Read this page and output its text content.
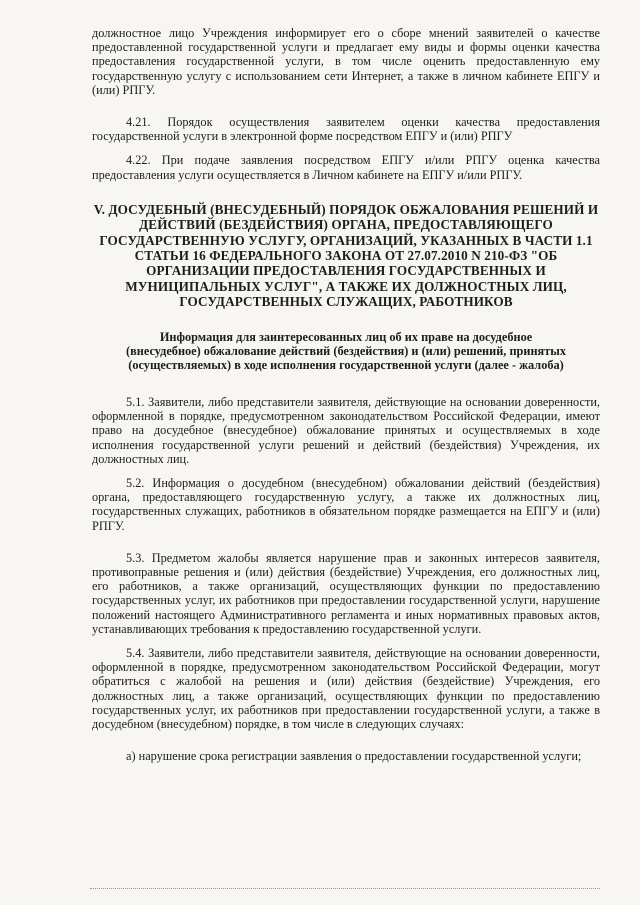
должностное лицо Учреждения информирует его о сборе мнений заявителей о качестве предоставленной государственной услуги и предлагает ему виды и формы оценки качества предоставления государственной услуги, в том числе оценить предоставленную ему государственную услугу с использованием сети Интернет, а также в личном кабинете ЕПГУ и (или) РПГУ.

4.21. Порядок осуществления заявителем оценки качества предоставления государственной услуги в электронной форме посредством ЕПГУ и (или) РПГУ

4.22. При подаче заявления посредством ЕПГУ и/или РПГУ оценка качества предоставления услуги осуществляется в Личном кабинете на ЕПГУ и/или РПГУ.

V. ДОСУДЕБНЫЙ (ВНЕСУДЕБНЫЙ) ПОРЯДОК ОБЖАЛОВАНИЯ РЕШЕНИЙ И ДЕЙСТВИЙ (БЕЗДЕЙСТВИЯ) ОРГАНА, ПРЕДОСТАВЛЯЮЩЕГО ГОСУДАРСТВЕННУЮ УСЛУГУ, ОРГАНИЗАЦИЙ, УКАЗАННЫХ В ЧАСТИ 1.1 СТАТЬИ 16 ФЕДЕРАЛЬНОГО ЗАКОНА ОТ 27.07.2010 N 210-ФЗ "ОБ ОРГАНИЗАЦИИ ПРЕДОСТАВЛЕНИЯ ГОСУДАРСТВЕННЫХ И МУНИЦИПАЛЬНЫХ УСЛУГ", А ТАКЖЕ ИХ ДОЛЖНОСТНЫХ ЛИЦ, ГОСУДАРСТВЕННЫХ СЛУЖАЩИХ, РАБОТНИКОВ
Информация для заинтересованных лиц об их праве на досудебное (внесудебное) обжалование действий (бездействия) и (или) решений, принятых (осуществляемых) в ходе исполнения государственной услуги (далее - жалоба)

5.1. Заявители, либо представители заявителя, действующие на основании доверенности, оформленной в порядке, предусмотренном законодательством Российской Федерации, имеют право на досудебное (внесудебное) обжалование принятых и осуществляемых в ходе исполнения государственной услуги решений и действий (бездействия) Учреждения, их должностных лиц.

5.2. Информация о досудебном (внесудебном) обжаловании действий (бездействия) органа, предоставляющего государственную услугу, а также их должностных лиц, государственных служащих, работников в обязательном порядке размещается на ЕПГУ и (или) РПГУ.

5.3. Предметом жалобы является нарушение прав и законных интересов заявителя, противоправные решения и (или) действия (бездействие) Учреждения, его должностных лиц, его работников, а также организаций, осуществляющих функции по предоставлению государственных услуг, их работников при предоставлении государственной услуги, нарушение положений настоящего Административного регламента и иных нормативных правовых актов, устанавливающих требования к предоставлению государственной услуги.

5.4. Заявители, либо представители заявителя, действующие на основании доверенности, оформленной в порядке, предусмотренном законодательством Российской Федерации, могут обратиться с жалобой на решения и (или) действия (бездействие) Учреждения, его должностных лиц, а также организаций, осуществляющих функции по предоставлению государственных услуг, их работников при предоставлении государственной услуги, а также в досудебном (внесудебном) порядке, в том числе в следующих случаях:

а) нарушение срока регистрации заявления о предоставлении государственной услуги;
